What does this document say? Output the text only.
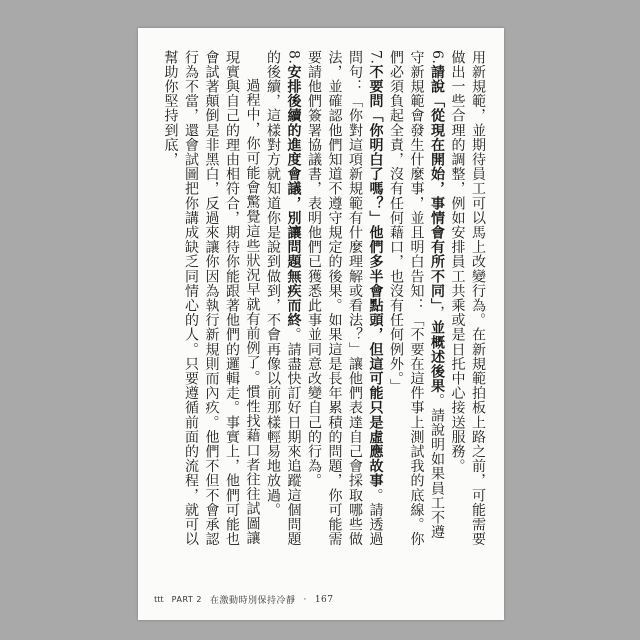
用新規範，並期待員工可以馬上改變行為。在新規範拍板上路之前，可能需要做出一些合理的調整，例如安排員工共乘或是日托中心接送服務。

6.請說「從現在開始，事情會有所不同」，並概述後果。請說明如果員工不遵守新規範會發生什麼事，並且明白告知：「不要在這件事上測試我的底線。你們必須負起全責，沒有任何藉口，也沒有任何例外。」

7.不要問「你明白了嗎？」他們多半會點頭，但這可能只是虛應故事。請透過問句：「你對這項新規範有什麼理解或看法？」讓他們表達自己會採取哪些做法，並確認他們知道不遵守規定的後果。如果這是長年累積的問題，你可能需要請他們簽署協議書，表明他們已獲悉此事並同意改變自己的行為。

8.安排後續的進度會議，別讓問題無疾而終。請盡快訂好日期來追蹤這個問題的後續，這樣對方就知道你是說到做到，不會再像以前那樣輕易地放過。

過程中，你可能會驚覺這些狀況早就有前例了。慣性找藉口者往往試圖讓現實與自己的理由相符合，期待你能跟著他們的邏輯走。事實上，他們可能也會試著顛倒是非黑白，反過來讓你因為執行新規則而內疚。他們不但不會承認行為不當，還會試圖把你講成缺乏同情心的人。只要遵循前面的流程，就可以幫助你堅持到底，

ttt PART 2 在激動時別保持冷靜 · 167
